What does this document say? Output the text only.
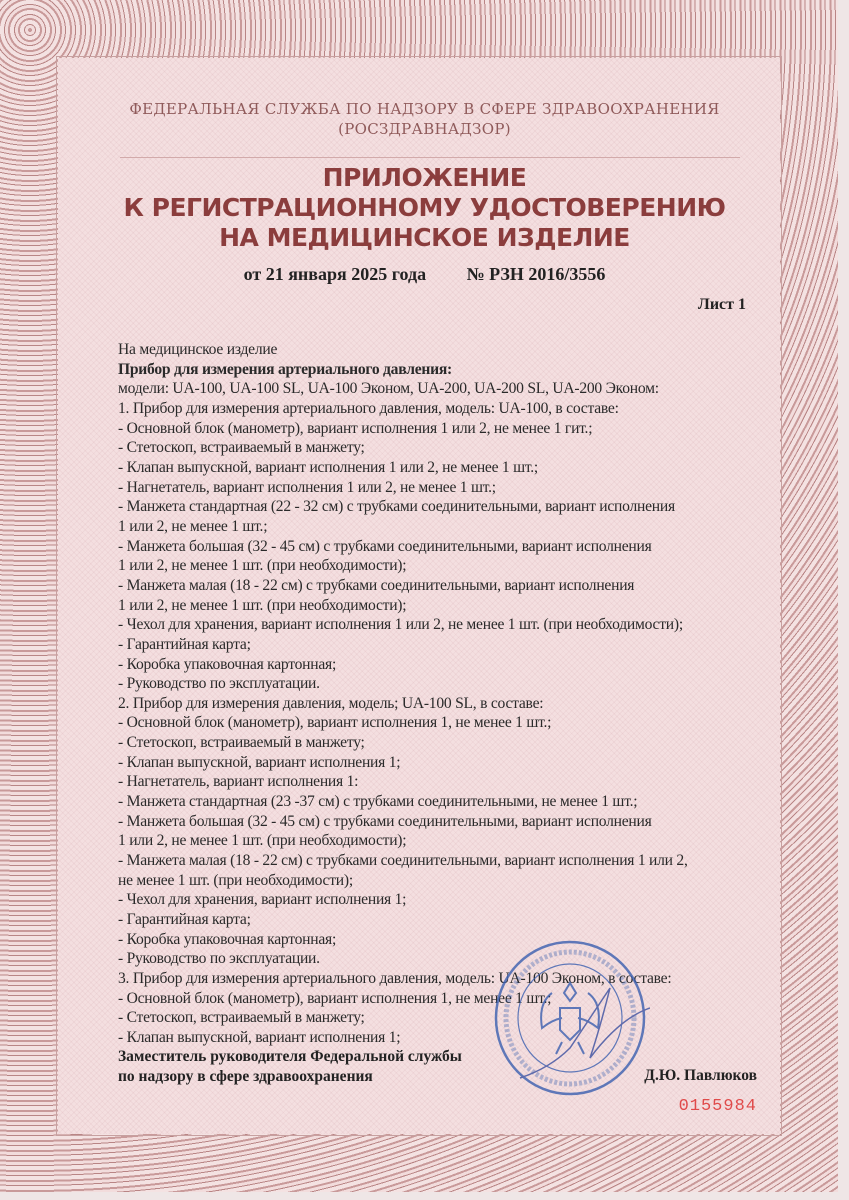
ФЕДЕРАЛЬНАЯ СЛУЖБА ПО НАДЗОРУ В СФЕРЕ ЗДРАВООХРАНЕНИЯ
(РОСЗДРАВНАДЗОР)
ПРИЛОЖЕНИЕ
К РЕГИСТРАЦИОННОМУ УДОСТОВЕРЕНИЮ
НА МЕДИЦИНСКОЕ ИЗДЕЛИЕ
от 21 января 2025 года № РЗН 2016/3556
Лист 1
На медицинское изделие
Прибор для измерения артериального давления:
модели: UA-100, UA-100 SL, UA-100 Эконом, UA-200, UA-200 SL, UA-200 Эконом:
1. Прибор для измерения артериального давления, модель: UA-100, в составе:
- Основной блок (манометр), вариант исполнения 1 или 2, не менее 1 гит.;
- Стетоскоп, встраиваемый в манжету;
- Клапан выпускной, вариант исполнения 1 или 2, не менее 1 шт.;
- Нагнетатель, вариант исполнения 1 или 2, не менее 1 шт.;
- Манжета стандартная (22 - 32 см) с трубками соединительными, вариант исполнения
1 или 2, не менее 1 шт.;
- Манжета большая (32 - 45 см) с трубками соединительными, вариант исполнения
1 или 2, не менее 1 шт. (при необходимости);
- Манжета малая (18 - 22 см) с трубками соединительными, вариант исполнения
1 или 2, не менее 1 шт. (при необходимости);
- Чехол для хранения, вариант исполнения 1 или 2, не менее 1 шт. (при необходимости);
- Гарантийная карта;
- Коробка упаковочная картонная;
- Руководство по эксплуатации.
2. Прибор для измерения давления, модель; UA-100 SL, в составе:
- Основной блок (манометр), вариант исполнения 1, не менее 1 шт.;
- Стетоскоп, встраиваемый в манжету;
- Клапан выпускной, вариант исполнения 1;
- Нагнетатель, вариант исполнения 1:
- Манжета стандартная (23 -37 см) с трубками соединительными, не менее 1 шт.;
- Манжета большая (32 - 45 см) с трубками соединительными, вариант исполнения
1 или 2, не менее 1 шт. (при необходимости);
- Манжета малая (18 - 22 см) с трубками соединительными, вариант исполнения 1 или 2,
не менее 1 шт. (при необходимости);
- Чехол для хранения, вариант исполнения 1;
- Гарантийная карта;
- Коробка упаковочная картонная;
- Руководство по эксплуатации.
3. Прибор для измерения артериального давления, модель: UA-100 Эконом, в составе:
- Основной блок (манометр), вариант исполнения 1, не менее 1 шт.;
- Стетоскоп, встраиваемый в манжету;
- Клапан выпускной, вариант исполнения 1;
Заместитель руководителя Федеральной службы
по надзору в сфере здравоохранения	Д.Ю. Павлюков
0155984
